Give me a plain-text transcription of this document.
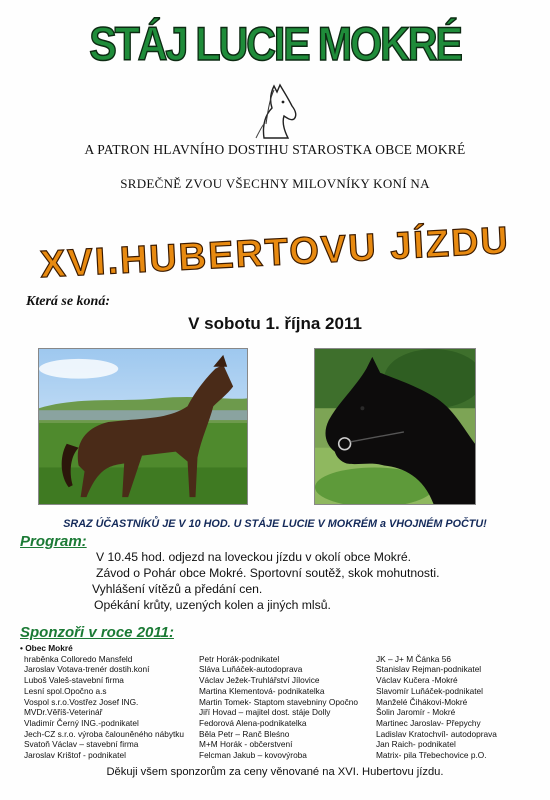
STÁJ LUCIE MOKRÉ
A PATRON HLAVNÍHO DOSTIHU STAROSTKA OBCE MOKRÉ
SRDEČNĚ ZVOU VŠECHNY MILOVNÍKY KONÍ NA
XVI.HUBERTOVU JÍZDU
Která se koná:
V sobotu 1. října 2011
SRAZ ÚČASTNÍKŮ JE V 10 HOD. U STÁJE LUCIE V MOKRÉM a VHOJNÉM POČTU!
Program:
V 10.45 hod. odjezd na loveckou jízdu v okolí obce Mokré.
Závod o Pohár obce Mokré. Sportovní soutěž, skok mohutnosti.
Vyhlášení vítězů a předání cen.
Opékání krůty, uzených kolen a jiných mlsů.
Sponzoři v roce 2011:
• Obec Mokré
hraběnka Colloredo Mansfeld
Jaroslav Votava-trenér dostih.koní
Luboš Valeš-stavební firma
Lesní spol.Opočno a.s
Vospol s.r.o.Vostřez Josef ING.
MVDr.Věříš-Veterinář
Vladimír Černý ING.-podnikatel
Jech-CZ s.r.o. výroba čalouněného nábytku
Svatoň Václav – stavební firma
Jaroslav Krištof - podnikatel

Petr Horák-podnikatel
Sláva Luňáček-autodoprava
Václav Ježek-Truhlářství Jílovice
Martina Klementová- podnikatelka
Martin Tomek- Staptom stavebniny Opočno
Jiří Hovad – majitel dost. stáje Dolly
Fedorová Alena-podnikatelka
Běla Petr – Ranč Bleśno
M+M Horák - občerstvení
Felcman Jakub – kovovýroba

JK – J+ M Čánka 56
Stanislav Rejman-podnikatel
Václav Kučera -Mokré
Slavomír Luňáček-podnikatel
Manželé Čihákovi-Mokré
Šolin Jaromír - Mokré
Martinec Jaroslav- Přepychy
Ladislav Kratochvíl- autodoprava
Jan Raich- podnikatel
Matrix- pila Třebechovice p.O.
Děkuji všem sponzorům za ceny věnované na XVI. Hubertovu jízdu.
